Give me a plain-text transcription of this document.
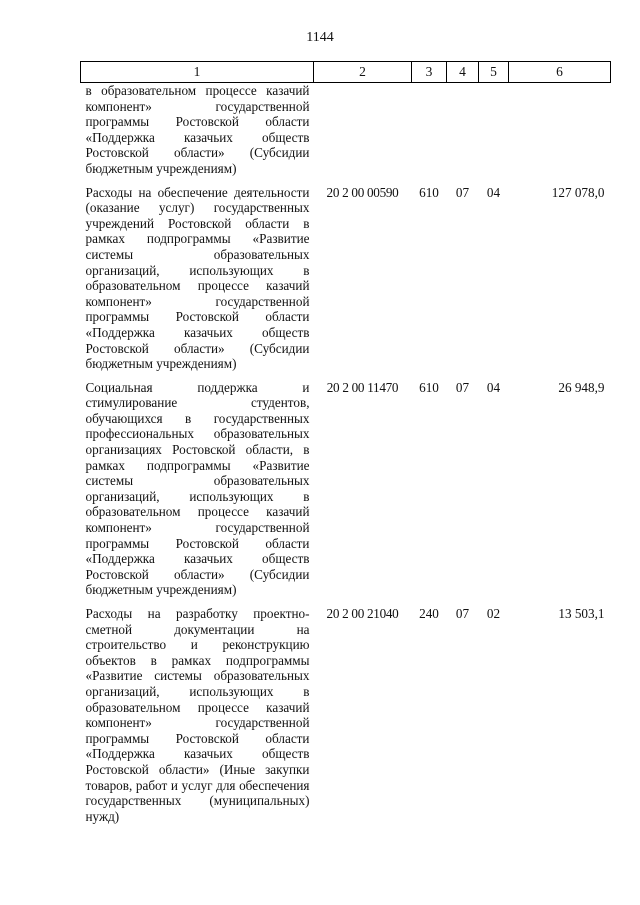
1144
1	2	3	4	5	6
в образовательном процессе казачий компонент» государственной программы Ростовской области «Поддержка казачьих обществ Ростовской области» (Субсидии бюджетным учреждениям)					
Расходы на обеспечение деятельности (оказание услуг) государственных учреждений Ростовской области в рамках подпрограммы «Развитие системы образовательных организаций, использующих в образовательном процессе казачий компонент» государственной программы Ростовской области «Поддержка казачьих обществ Ростовской области» (Субсидии бюджетным учреждениям)	20 2 00 00590	610	07	04	127 078,0
Социальная поддержка и стимулирование студентов, обучающихся в государственных профессиональных образовательных организациях Ростовской области, в рамках подпрограммы «Развитие системы образовательных организаций, использующих в образовательном процессе казачий компонент» государственной программы Ростовской области «Поддержка казачьих обществ Ростовской области» (Субсидии бюджетным учреждениям)	20 2 00 11470	610	07	04	26 948,9
Расходы на разработку проектно-сметной документации на строительство и реконструкцию объектов в рамках подпрограммы «Развитие системы образовательных организаций, использующих в образовательном процессе казачий компонент» государственной программы Ростовской области «Поддержка казачьих обществ Ростовской области» (Иные закупки товаров, работ и услуг для обеспечения государственных (муниципальных) нужд)	20 2 00 21040	240	07	02	13 503,1
